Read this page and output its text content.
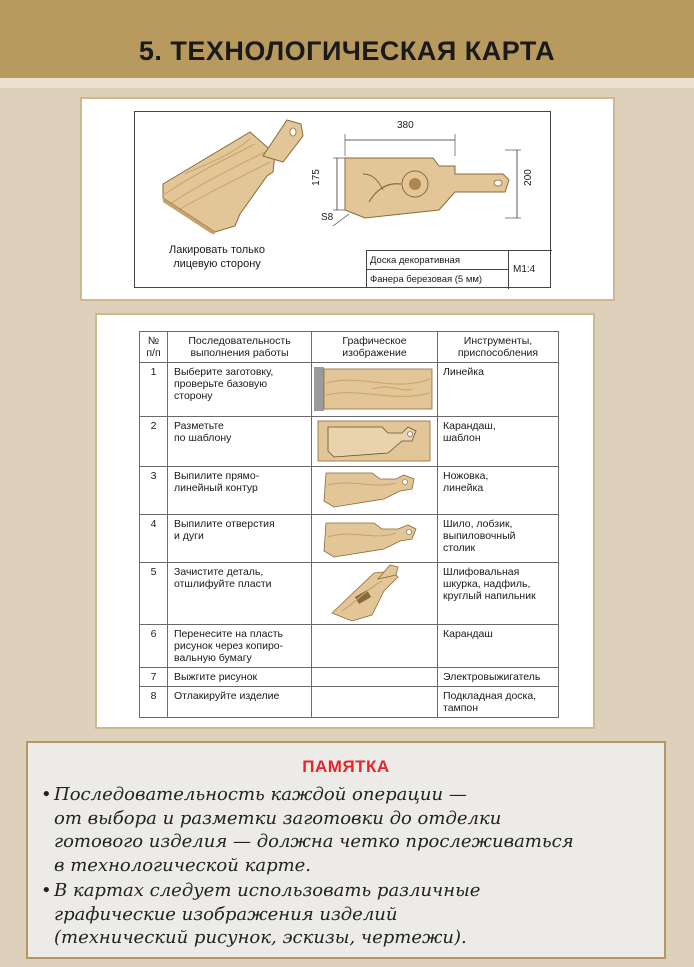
5. ТЕХНОЛОГИЧЕСКАЯ КАРТА
Лакировать только
лицевую сторону
380
175	200
S8
Доска декоративная
Фанера березовая (5 мм)
М1:4
№
п/п	Последовательность
выполнения работы	Графическое
изображение	Инструменты,
приспособления
1	Выберите заготовку,
проверьте базовую
сторону		Линейка
2	Разметьте
по шаблону		Карандаш,
шаблон
3	Выпилите прямо-
линейный контур		Ножовка,
линейка
4	Выпилите отверстия
и дуги		Шило, лобзик,
выпиловочный
столик
5	Зачистите деталь,
отшлифуйте пласти		Шлифовальная
шкурка, надфиль,
круглый напильник
6	Перенесите на пласть
рисунок через копиро-
вальную бумагу		Карандаш
7	Выжгите рисунок		Электровыжигатель
8	Отлакируйте изделие		Подкладная доска,
тампон
ПАМЯТКА
• Последовательность каждой операции —
от выбора и разметки заготовки до отделки
готового изделия — должна четко прослеживаться
в технологической карте.
• В картах следует использовать различные
графические изображения изделий
(технический рисунок, эскизы, чертежи).
